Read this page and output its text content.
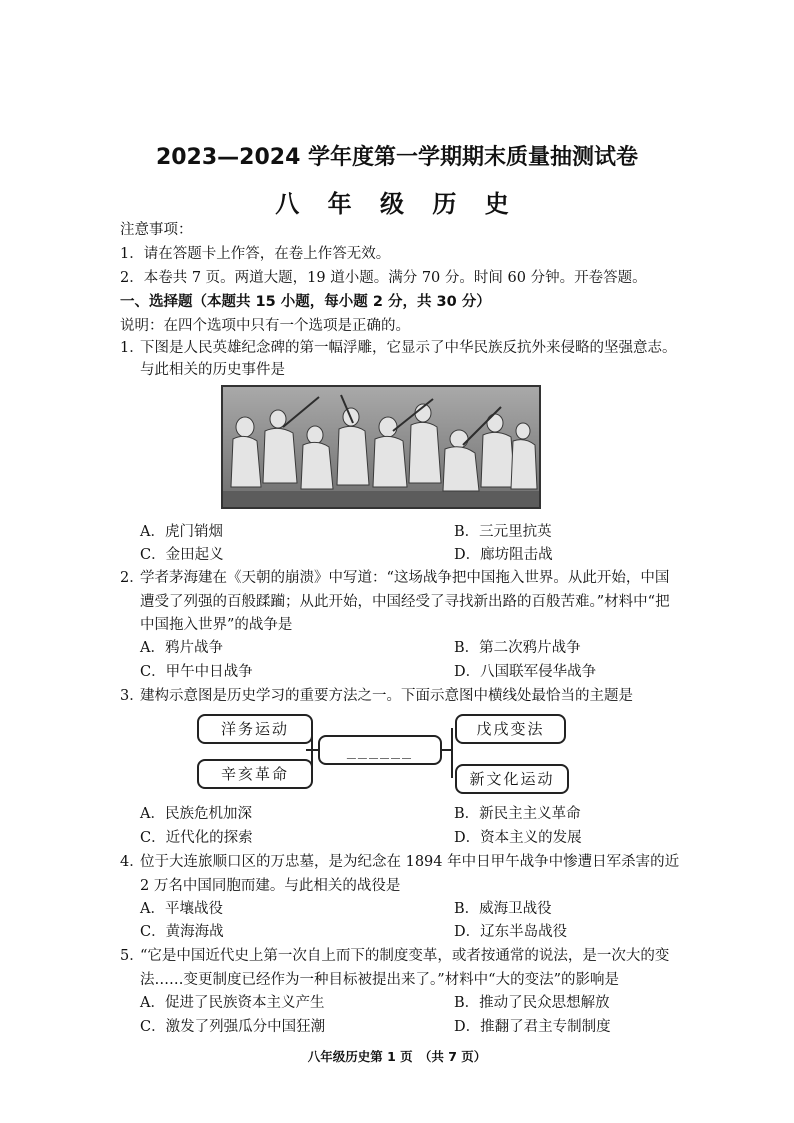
2023—2024 学年度第一学期期末质量抽测试卷
八 年 级 历 史
注意事项：
1．请在答题卡上作答，在卷上作答无效。
2．本卷共 7 页。两道大题，19 道小题。满分 70 分。时间 60 分钟。开卷答题。
一、选择题（本题共 15 小题，每小题 2 分，共 30 分）
说明：在四个选项中只有一个选项是正确的。
1．
下图是人民英雄纪念碑的第一幅浮雕，它显示了中华民族反抗外来侵略的坚强意志。
与此相关的历史事件是
A．虎门销烟	B．三元里抗英
C．金田起义	D．廊坊阻击战
2．
学者茅海建在《天朝的崩溃》中写道：“这场战争把中国拖入世界。从此开始，中国
遭受了列强的百般蹂躏；从此开始，中国经受了寻找新出路的百般苦难。”材料中“把
中国拖入世界”的战争是
A．鸦片战争	B．第二次鸦片战争
C．甲午中日战争	D．八国联军侵华战争
3．
建构示意图是历史学习的重要方法之一。下面示意图中横线处最恰当的主题是
洋务运动
辛亥革命
______
戊戌变法
新文化运动
A．民族危机加深	B．新民主主义革命
C．近代化的探索	D．资本主义的发展
4．
位于大连旅顺口区的万忠墓，是为纪念在 1894 年中日甲午战争中惨遭日军杀害的近
2 万名中国同胞而建。与此相关的战役是
A．平壤战役	B．威海卫战役
C．黄海海战	D．辽东半岛战役
5．
“它是中国近代史上第一次自上而下的制度变革，或者按通常的说法，是一次大的变
法……变更制度已经作为一种目标被提出来了。”材料中“大的变法”的影响是
A．促进了民族资本主义产生	B．推动了民众思想解放
C．激发了列强瓜分中国狂潮	D．推翻了君主专制制度
八年级历史第 1 页　（共 7 页）
